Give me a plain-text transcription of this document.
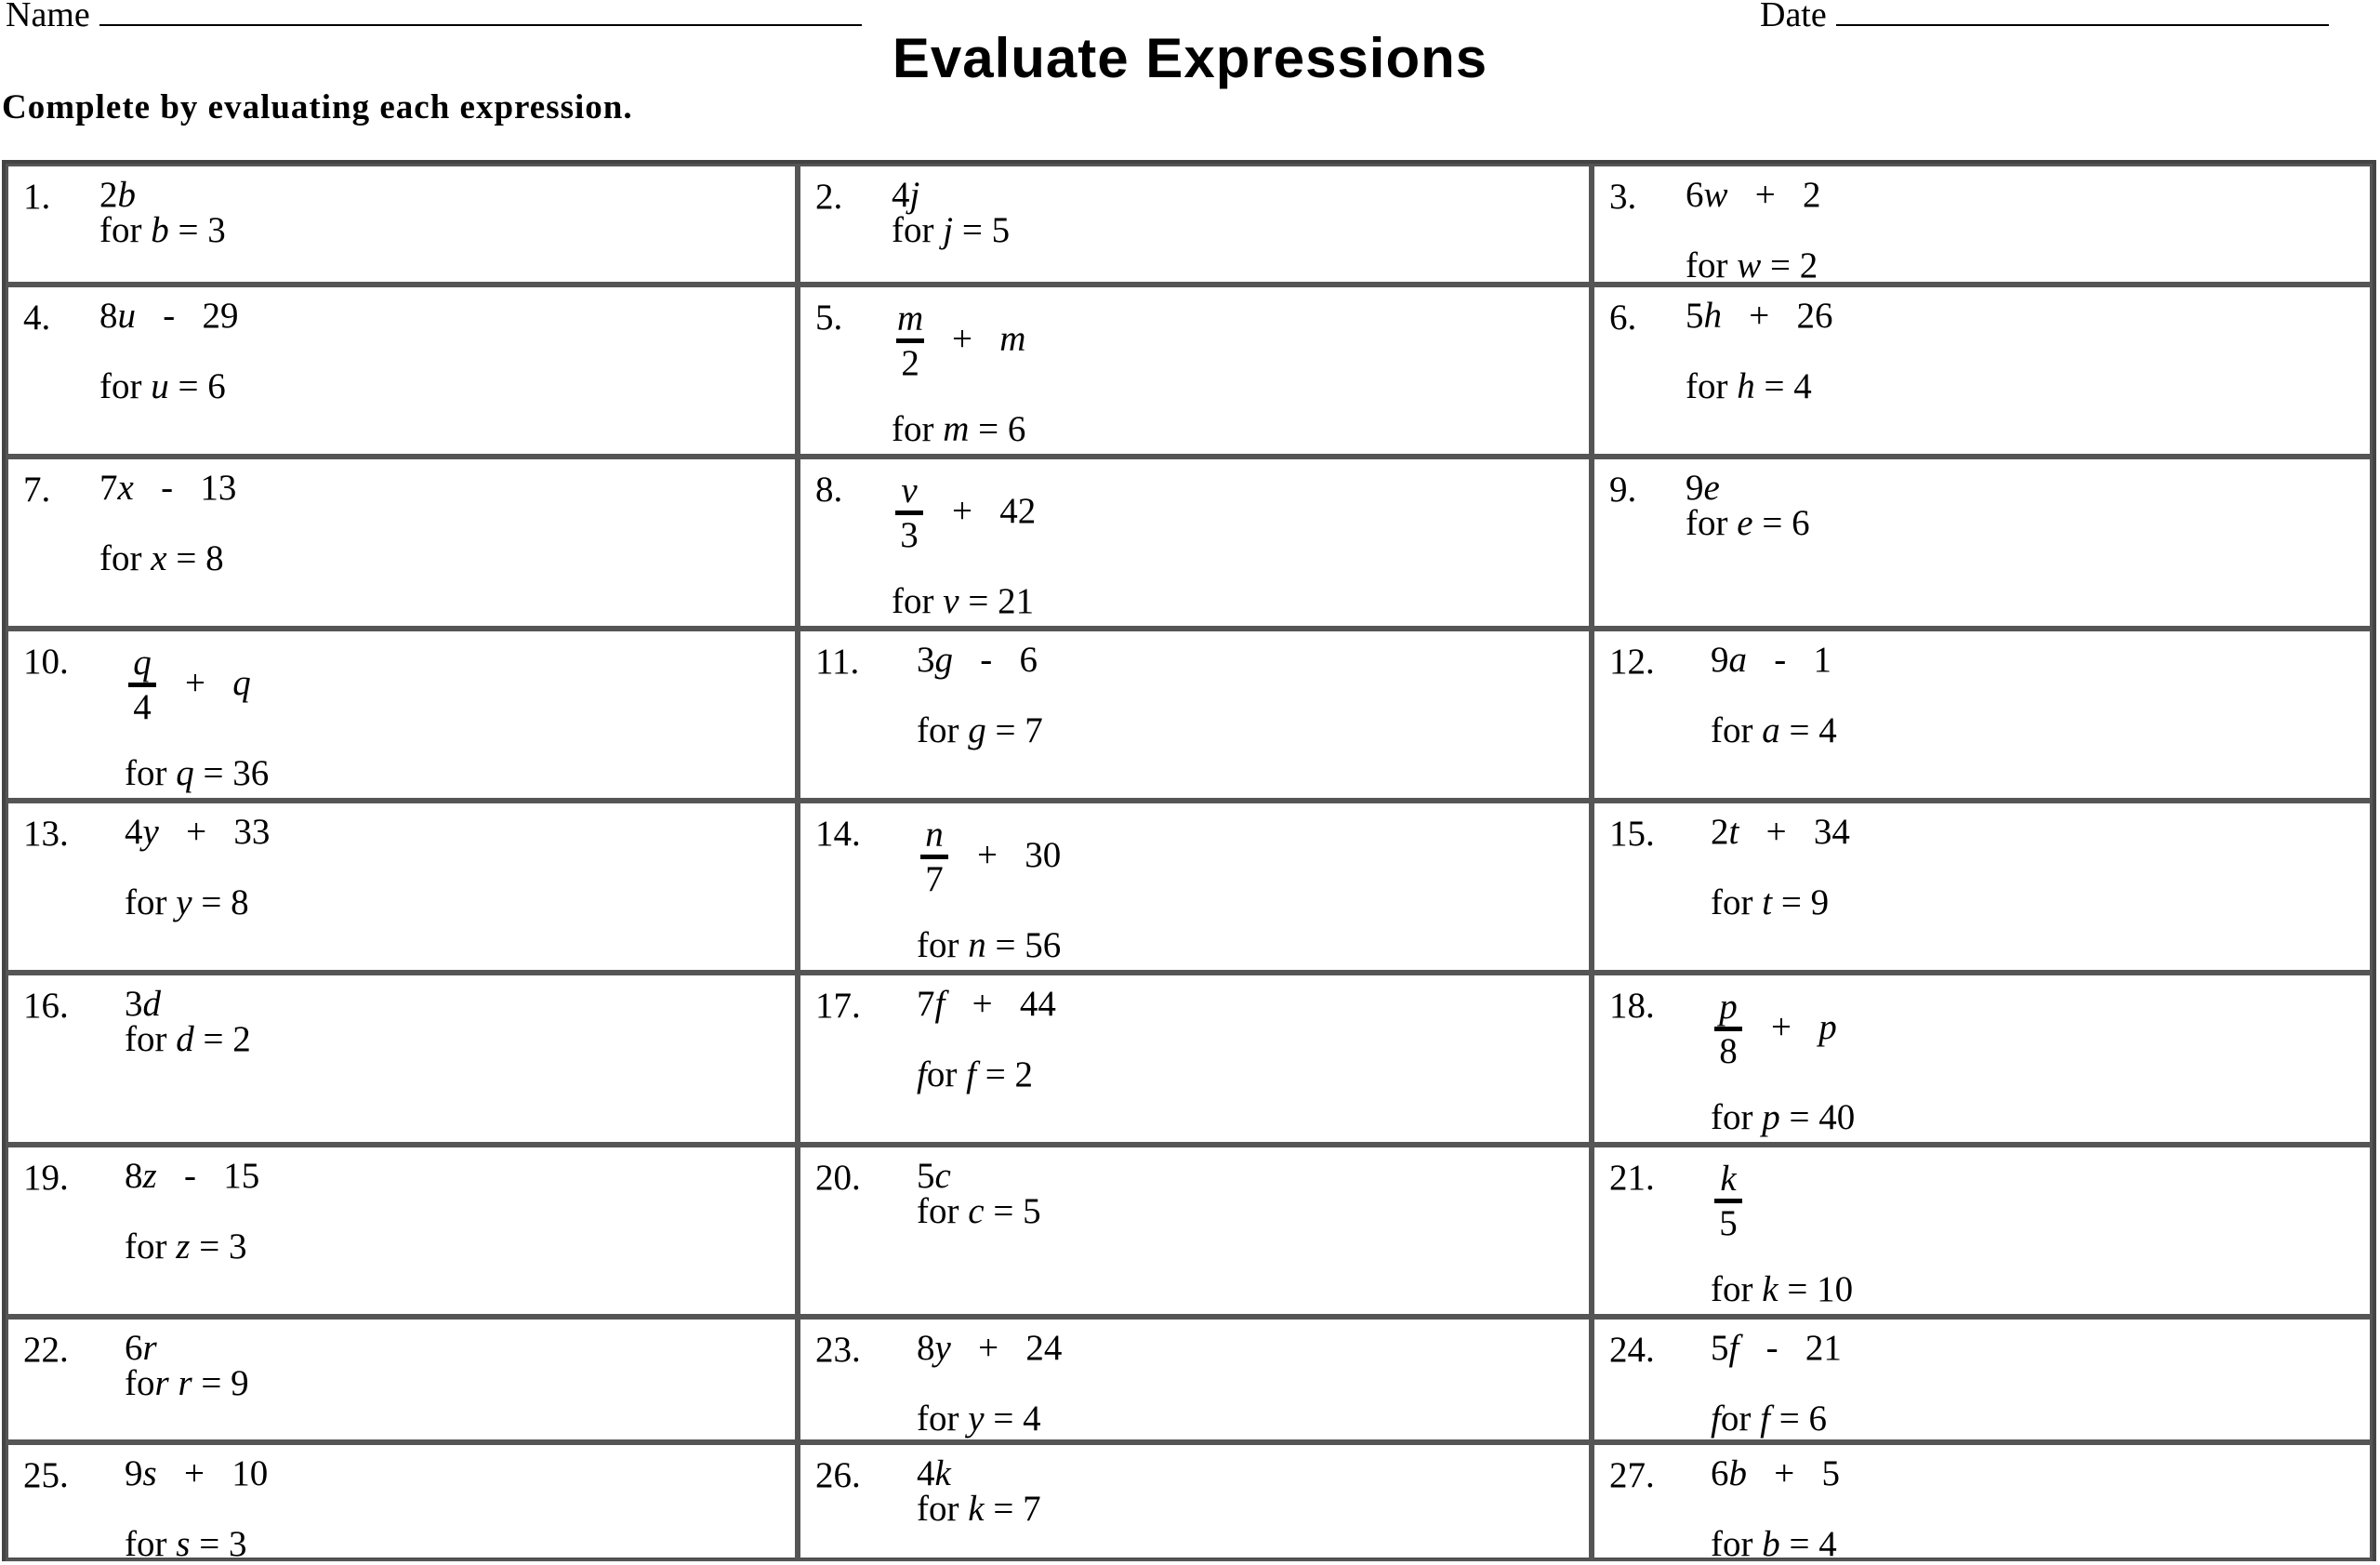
Name	Date
Evaluate Expressions
Complete by evaluating each expression.
1. 2b
for b = 3
2. 4j
for j = 5
3. 6w + 2
for w = 2
4. 8u - 29
for u = 6
5. m
2
+ m
for m = 6
6. 5h + 26
for h = 4
7. 7x - 13
for x = 8
8. v
3
+ 42
for v = 21
9. 9e
for e = 6
10. q
4
+ q
for q = 36
11. 3g - 6
for g = 7
12. 9a - 1
for a = 4
13. 4y + 33
for y = 8
14. n
7
+ 30
for n = 56
15. 2t + 34
for t = 9
16. 3d
for d = 2
17. 7f + 44
for f = 2
18. p
8
+ p
for p = 40
19. 8z - 15
for z = 3
20. 5c
for c = 5
21. k
5
for k = 10
22. 6r
for r = 9
23. 8y + 24
for y = 4
24. 5f - 21
for f = 6
25. 9s + 10
for s = 3
26. 4k
for k = 7
27. 6b + 5
for b = 4
